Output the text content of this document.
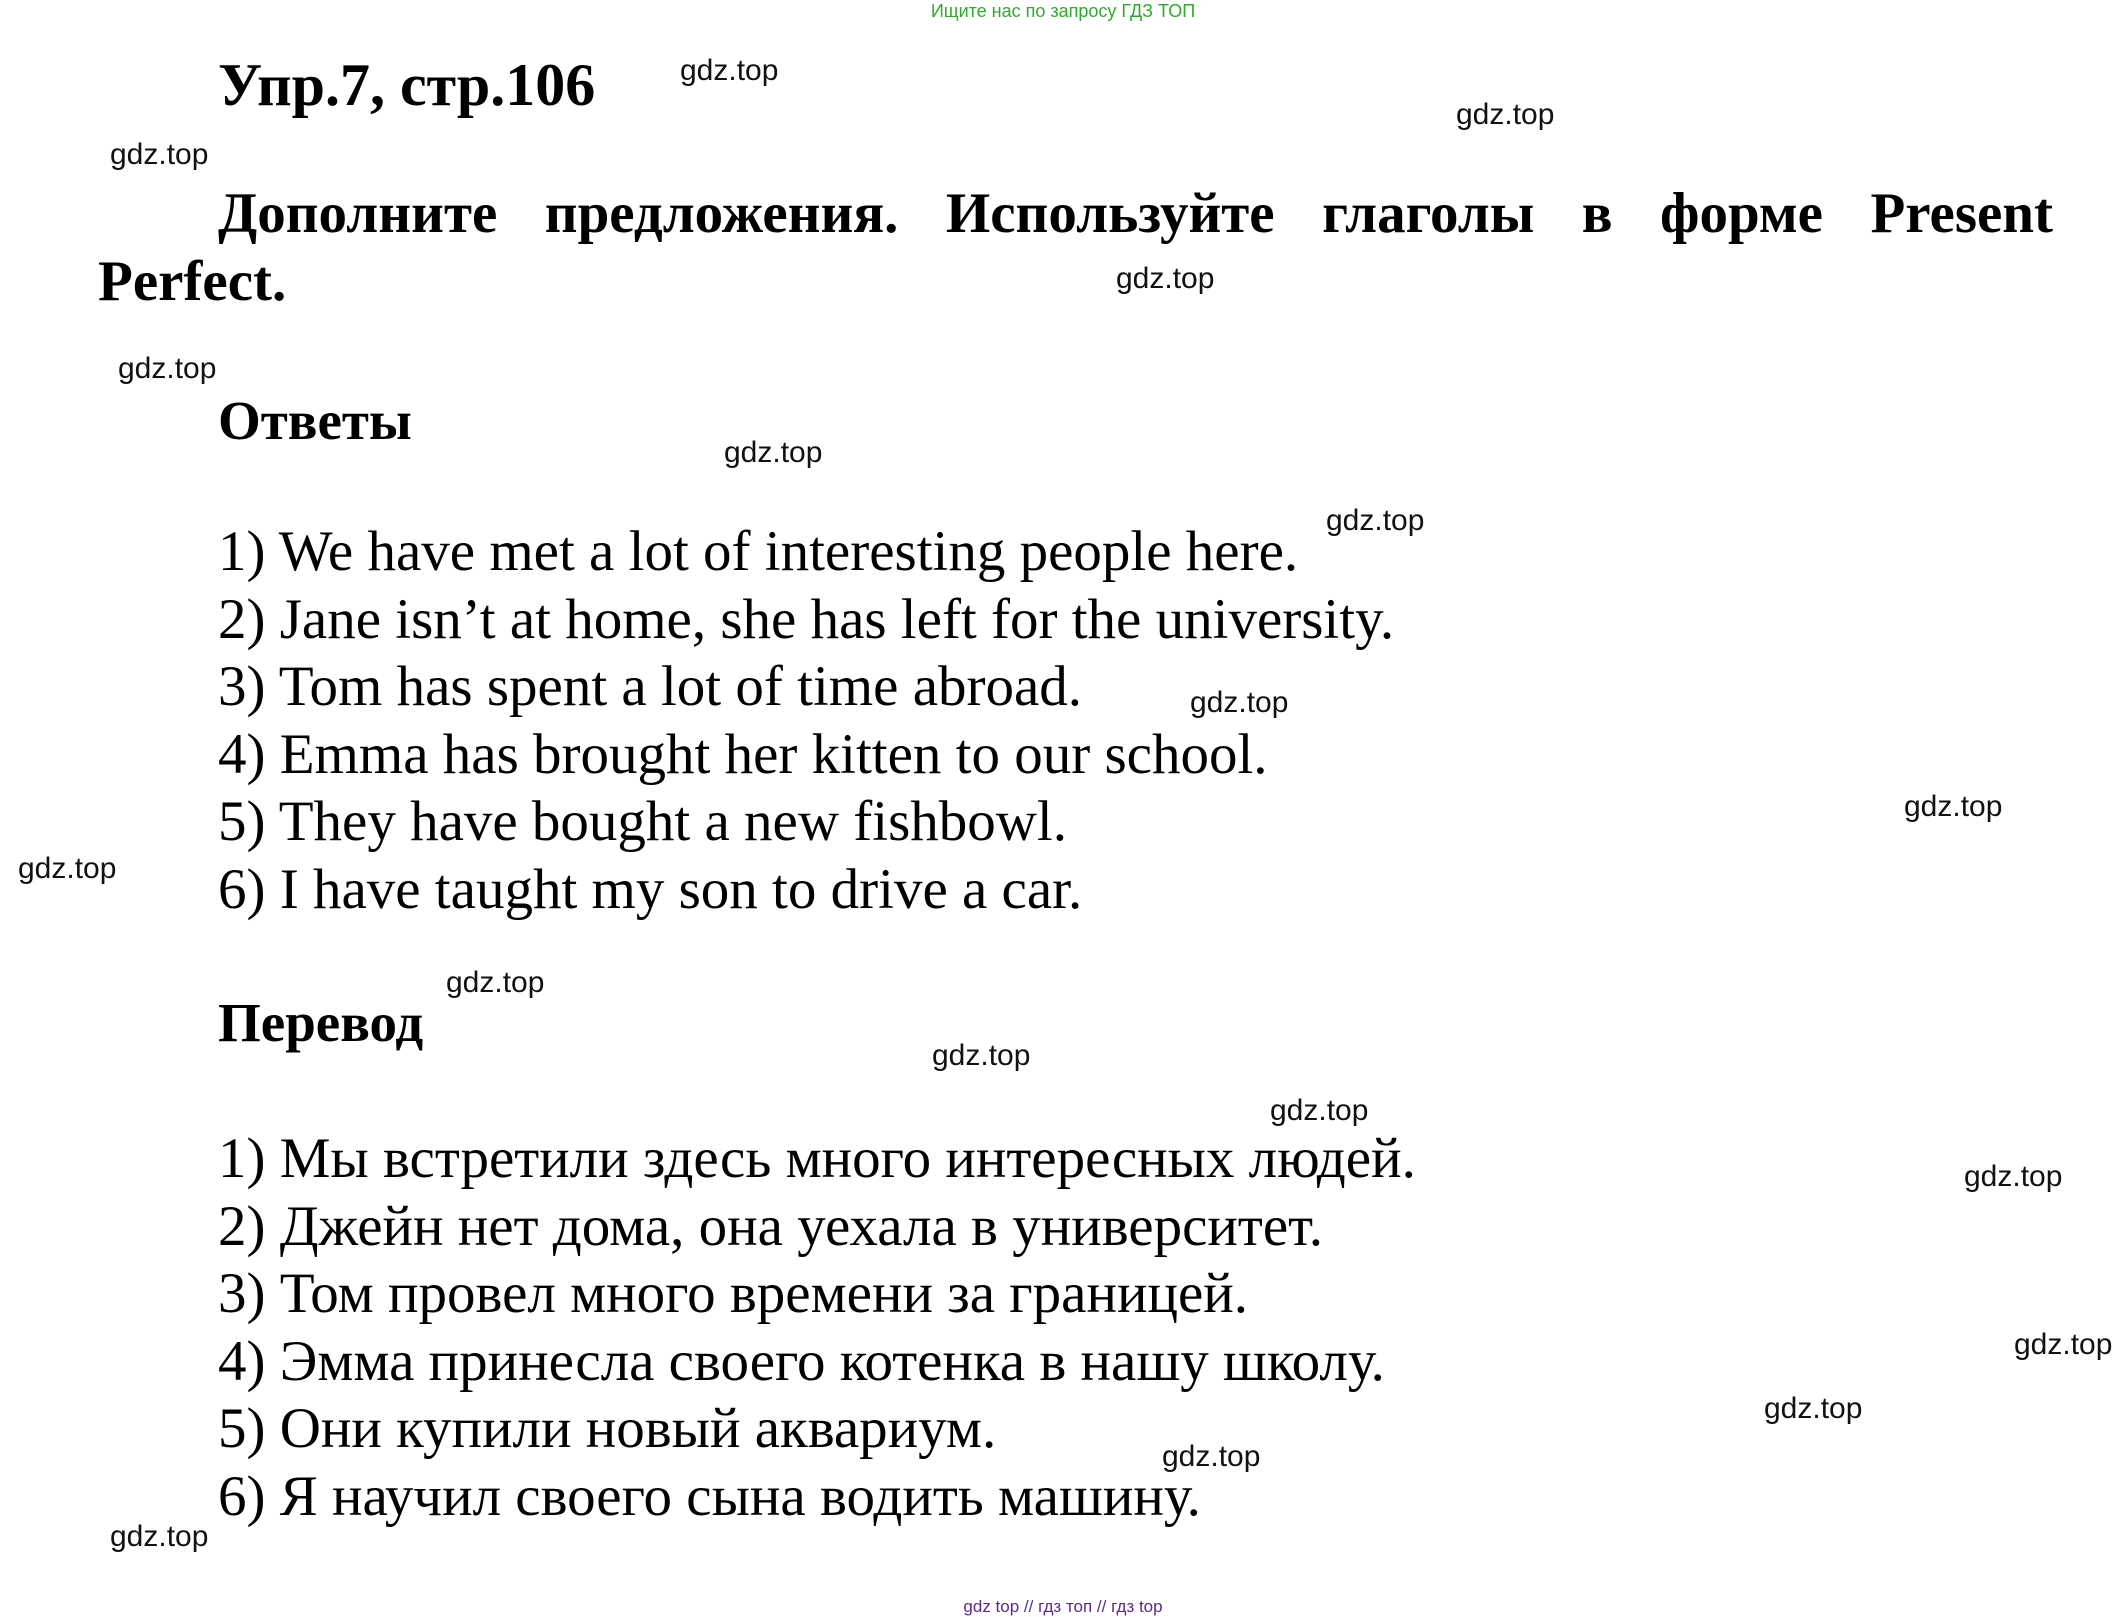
Ищите нас по запросу ГДЗ ТОП
Упр.7, стр.106
Дополните предложения. Используйте глаголы в форме Present Perfect.
Ответы
1) We have met a lot of interesting people here.
2) Jane isn’t at home, she has left for the university.
3) Tom has spent a lot of time abroad.
4) Emma has brought her kitten to our school.
5) They have bought a new fishbowl.
6) I have taught my son to drive a car.
Перевод
1) Мы встретили здесь много интересных людей.
2) Джейн нет дома, она уехала в университет.
3) Том провел много времени за границей.
4) Эмма принесла своего котенка в нашу школу.
5) Они купили новый аквариум.
6) Я научил своего сына водить машину.
gdz.top
gdz.top
gdz.top
gdz.top
gdz.top
gdz.top
gdz.top
gdz.top
gdz.top
gdz.top
gdz.top
gdz.top
gdz.top
gdz.top
gdz.top
gdz.top
gdz.top
gdz.top
gdz top // гдз топ // гдз top
